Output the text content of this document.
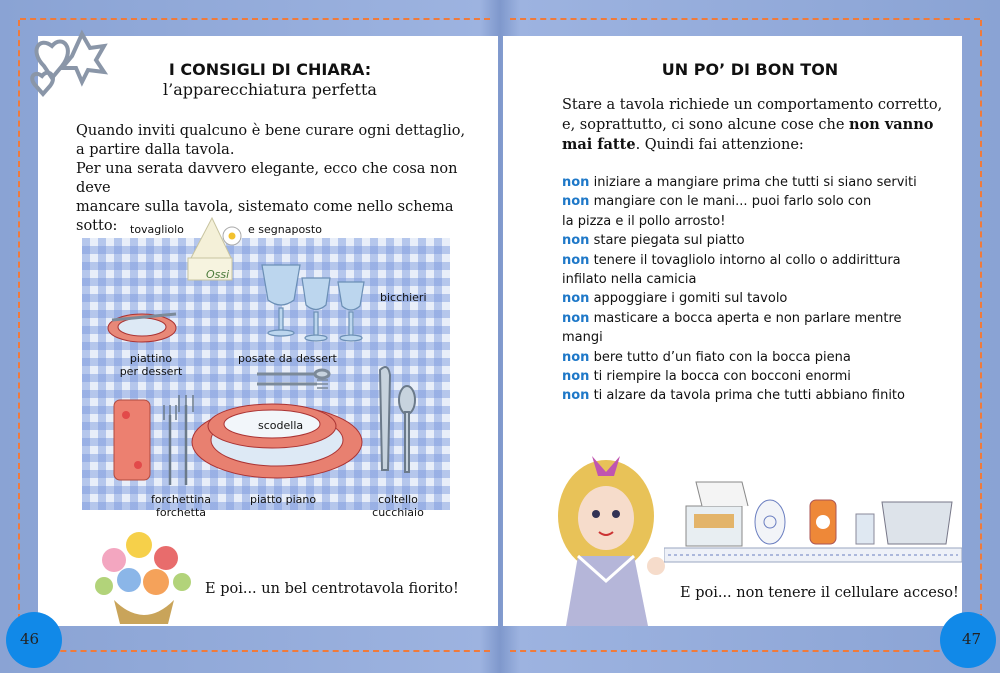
I CONSIGLI DI CHIARA:
l’apparecchiatura perfetta

Quando inviti qualcuno è bene curare ogni dettaglio,

a partire dalla tavola.

Per una serata davvero elegante, ecco che cosa non deve

mancare sulla tavola, sistemato come nello schema sotto:	tovagliolo	e segnaposto
Ossi
bicchieri
piattino
per dessert
posate da dessert
scodella
forchettina
forchetta
piatto piano	coltello
cucchiaio
E poi... un bel centrotavola fiorito!
46
UN PO’ DI BON TON

Stare a tavola richiede un comportamento corretto,

e, soprattutto, ci sono alcune cose che non vanno

mai fatte. Quindi fai attenzione:

non iniziare a mangiare prima che tutti si siano serviti
non mangiare con le mani... puoi farlo solo con
la pizza e il pollo arrosto!
non stare piegata sul piatto
non tenere il tovagliolo intorno al collo o addirittura
infilato nella camicia
non appoggiare i gomiti sul tavolo
non masticare a bocca aperta e non parlare mentre
mangi
non bere tutto d’un fiato con la bocca piena
non ti riempire la bocca con bocconi enormi
non ti alzare da tavola prima che tutti abbiano finito
E poi... non tenere il cellulare acceso!
47
